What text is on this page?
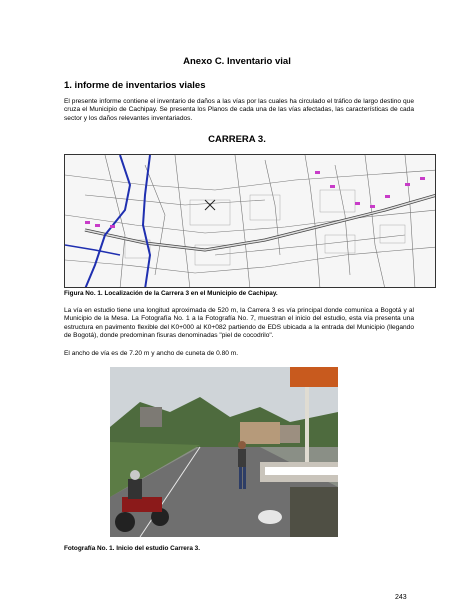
Anexo C. Inventario vial
1. informe de inventarios viales
El presente informe contiene el inventario de daños a las vías por las cuales ha circulado el tráfico de largo destino que cruza el Municipio de Cachipay. Se presenta los Planos de cada una de las vías afectadas, las características de cada sector y los daños relevantes inventariados.
CARRERA 3.
Figura No. 1. Localización de la Carrera 3 en el Municipio de Cachipay.
La vía en estudio tiene una longitud aproximada de 520 m, la Carrera 3 es vía principal donde comunica a Bogotá y al Municipio de la Mesa. La Fotografía No. 1 a la Fotografía No. 7, muestran el inicio del estudio, esta vía presenta una estructura en pavimento flexible del K0+000 al K0+082 partiendo de EDS ubicada a la entrada del Municipio (llegando de Bogotá), donde predominan fisuras denominadas "piel de cocodrilo".
El ancho de vía es de 7.20 m y ancho de cuneta de 0.80 m.
Fotografía No. 1. Inicio del estudio Carrera 3.
243
